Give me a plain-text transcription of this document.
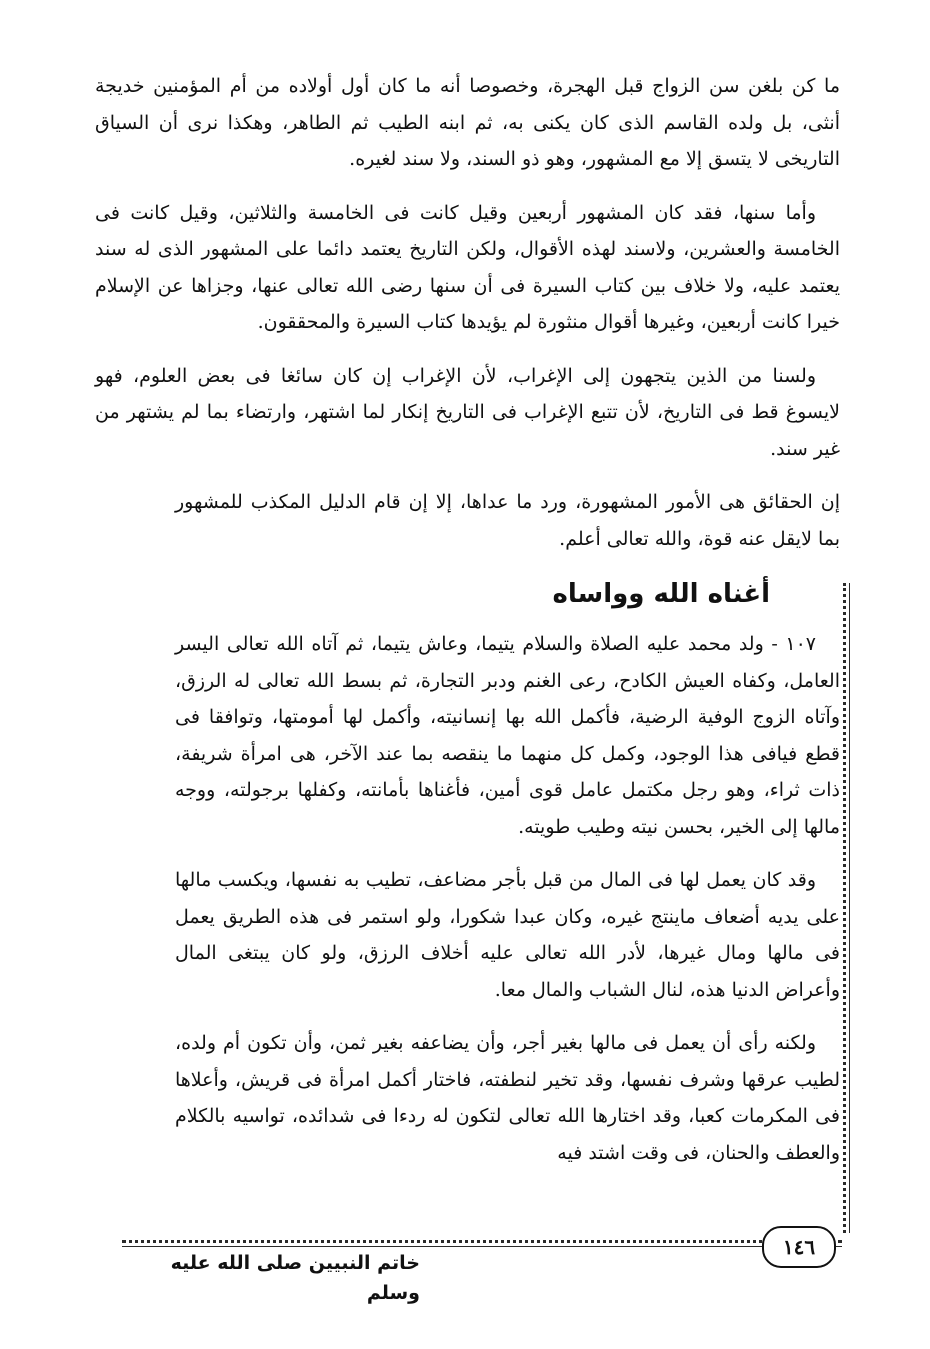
ما كن بلغن سن الزواج قبل الهجرة، وخصوصا أنه ما كان أول أولاده من أم المؤمنين خديجة أنثى، بل ولده القاسم الذى كان يكنى به، ثم ابنه الطيب ثم الطاهر، وهكذا نرى أن السياق التاريخى لا يتسق إلا مع المشهور، وهو ذو السند، ولا سند لغيره.

وأما سنها، فقد كان المشهور أربعين وقيل كانت فى الخامسة والثلاثين، وقيل كانت فى الخامسة والعشرين، ولاسند لهذه الأقوال، ولكن التاريخ يعتمد دائما على المشهور الذى له سند يعتمد عليه، ولا خلاف بين كتاب السيرة فى أن سنها رضى الله تعالى عنها، وجزاها عن الإسلام خيرا كانت أربعين، وغيرها أقوال منثورة لم يؤيدها كتاب السيرة والمحققون.

ولسنا من الذين يتجهون إلى الإغراب، لأن الإغراب إن كان سائغا فى بعض العلوم، فهو لايسوغ قط فى التاريخ، لأن تتبع الإغراب فى التاريخ إنكار لما اشتهر، وارتضاء بما لم يشتهر من غير سند.

إن الحقائق هى الأمور المشهورة، ورد ما عداها، إلا إن قام الدليل المكذب للمشهور بما لايقل عنه قوة، والله تعالى أعلم.

أغناه الله وواساه

١٠٧ - ولد محمد عليه الصلاة والسلام يتيما، وعاش يتيما، ثم آتاه الله تعالى اليسر العامل، وكفاه العيش الكادح، رعى الغنم ودبر التجارة، ثم بسط الله تعالى له الرزق، وآتاه الزوج الوفية الرضية، فأكمل الله بها إنسانيته، وأكمل لها أمومتها، وتوافقا فى قطع فيافى هذا الوجود، وكمل كل منهما ما ينقصه بما عند الآخر، هى امرأة شريفة، ذات ثراء، وهو رجل مكتمل عامل قوى أمين، فأغناها بأمانته، وكفلها برجولته، ووجه مالها إلى الخير، بحسن نيته وطيب طويته.

وقد كان يعمل لها فى المال من قبل بأجر مضاعف، تطيب به نفسها، ويكسب مالها على يديه أضعاف ماينتج غيره، وكان عبدا شكورا، ولو استمر فى هذه الطريق يعمل فى مالها ومال غيرها، لأدر الله تعالى عليه أخلاف الرزق، ولو كان يبتغى المال وأعراض الدنيا هذه، لنال الشباب والمال معا.

ولكنه رأى أن يعمل فى مالها بغير أجر، وأن يضاعفه بغير ثمن، وأن تكون أم ولده، لطيب عرقها وشرف نفسها، وقد تخير لنطفته، فاختار أكمل امرأة فى قريش، وأعلاها فى المكرمات كعبا، وقد اختارها الله تعالى لتكون له ردءا فى شدائده، تواسيه بالكلام والعطف والحنان، فى وقت اشتد فيه

١٤٦
خاتم النبيين صلى الله عليه وسلم
